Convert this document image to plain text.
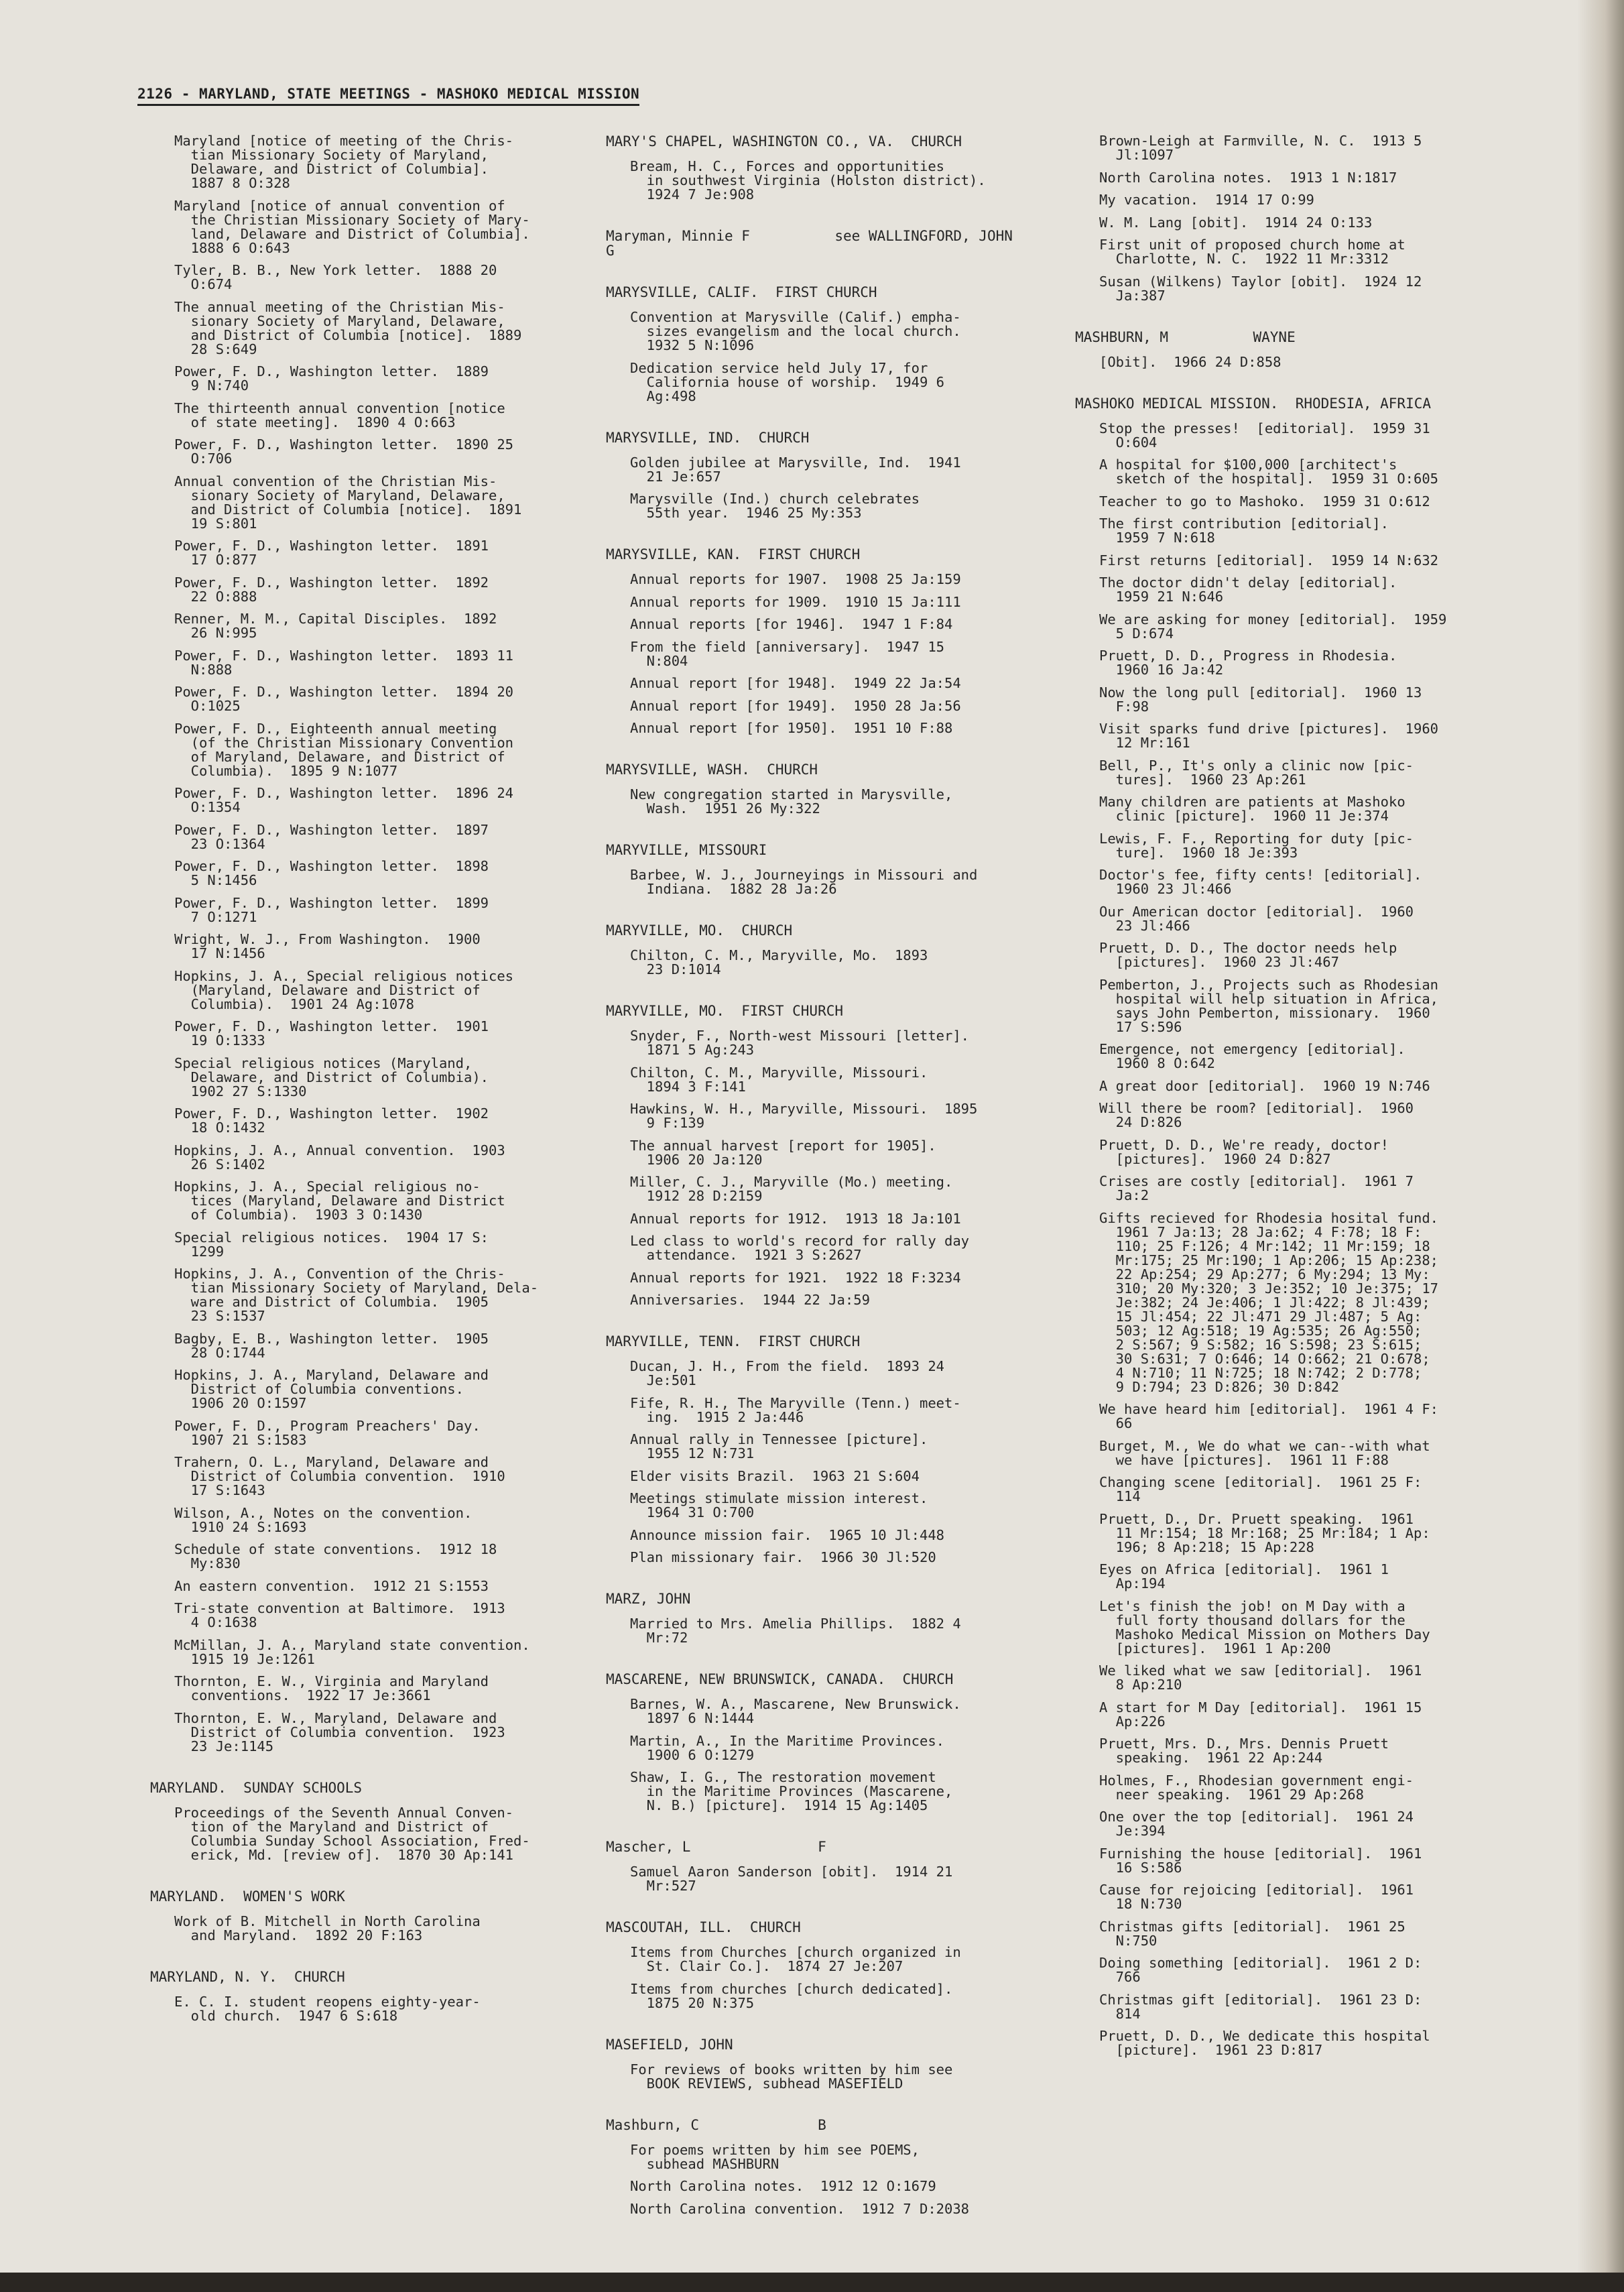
2126 - MARYLAND, STATE MEETINGS - MASHOKO MEDICAL MISSION
Maryland [notice of meeting of the Chris-
tian Missionary Society of Maryland,
Delaware, and District of Columbia].
1887 8 O:328
Maryland [notice of annual convention of
the Christian Missionary Society of Mary-
land, Delaware and District of Columbia].
1888 6 O:643
Tyler, B. B., New York letter.  1888 20
O:674
The annual meeting of the Christian Mis-
sionary Society of Maryland, Delaware,
and District of Columbia [notice].  1889
28 S:649
Power, F. D., Washington letter.  1889
9 N:740
The thirteenth annual convention [notice
of state meeting].  1890 4 O:663
Power, F. D., Washington letter.  1890 25
O:706
Annual convention of the Christian Mis-
sionary Society of Maryland, Delaware,
and District of Columbia [notice].  1891
19 S:801
Power, F. D., Washington letter.  1891
17 O:877
Power, F. D., Washington letter.  1892
22 O:888
Renner, M. M., Capital Disciples.  1892
26 N:995
Power, F. D., Washington letter.  1893 11
N:888
Power, F. D., Washington letter.  1894 20
O:1025
Power, F. D., Eighteenth annual meeting
(of the Christian Missionary Convention
of Maryland, Delaware, and District of
Columbia).  1895 9 N:1077
Power, F. D., Washington letter.  1896 24
O:1354
Power, F. D., Washington letter.  1897
23 O:1364
Power, F. D., Washington letter.  1898
5 N:1456
Power, F. D., Washington letter.  1899
7 O:1271
Wright, W. J., From Washington.  1900
17 N:1456
Hopkins, J. A., Special religious notices
(Maryland, Delaware and District of
Columbia).  1901 24 Ag:1078
Power, F. D., Washington letter.  1901
19 O:1333
Special religious notices (Maryland,
Delaware, and District of Columbia).
1902 27 S:1330
Power, F. D., Washington letter.  1902
18 O:1432
Hopkins, J. A., Annual convention.  1903
26 S:1402
Hopkins, J. A., Special religious no-
tices (Maryland, Delaware and District
of Columbia).  1903 3 O:1430
Special religious notices.  1904 17 S:
1299
Hopkins, J. A., Convention of the Chris-
tian Missionary Society of Maryland, Dela-
ware and District of Columbia.  1905
23 S:1537
Bagby, E. B., Washington letter.  1905
28 O:1744
Hopkins, J. A., Maryland, Delaware and
District of Columbia conventions.
1906 20 O:1597
Power, F. D., Program Preachers' Day.
1907 21 S:1583
Trahern, O. L., Maryland, Delaware and
District of Columbia convention.  1910
17 S:1643
Wilson, A., Notes on the convention.
1910 24 S:1693
Schedule of state conventions.  1912 18
My:830
An eastern convention.  1912 21 S:1553
Tri-state convention at Baltimore.  1913
4 O:1638
McMillan, J. A., Maryland state convention.
1915 19 Je:1261
Thornton, E. W., Virginia and Maryland
conventions.  1922 17 Je:3661
Thornton, E. W., Maryland, Delaware and
District of Columbia convention.  1923
23 Je:1145
MARYLAND.  SUNDAY SCHOOLS
Proceedings of the Seventh Annual Conven-
tion of the Maryland and District of
Columbia Sunday School Association, Fred-
erick, Md. [review of].  1870 30 Ap:141
MARYLAND.  WOMEN'S WORK
Work of B. Mitchell in North Carolina
and Maryland.  1892 20 F:163
MARYLAND, N. Y.  CHURCH
E. C. I. student reopens eighty-year-
old church.  1947 6 S:618
MARY'S CHAPEL, WASHINGTON CO., VA.  CHURCH
Bream, H. C., Forces and opportunities
in southwest Virginia (Holston district).
1924 7 Je:908
Maryman, Minnie F          see WALLINGFORD, JOHN
G
MARYSVILLE, CALIF.  FIRST CHURCH
Convention at Marysville (Calif.) empha-
sizes evangelism and the local church.
1932 5 N:1096
Dedication service held July 17, for
California house of worship.  1949 6
Ag:498
MARYSVILLE, IND.  CHURCH
Golden jubilee at Marysville, Ind.  1941
21 Je:657
Marysville (Ind.) church celebrates
55th year.  1946 25 My:353
MARYSVILLE, KAN.  FIRST CHURCH
Annual reports for 1907.  1908 25 Ja:159
Annual reports for 1909.  1910 15 Ja:111
Annual reports [for 1946].  1947 1 F:84
From the field [anniversary].  1947 15
N:804
Annual report [for 1948].  1949 22 Ja:54
Annual report [for 1949].  1950 28 Ja:56
Annual report [for 1950].  1951 10 F:88
MARYSVILLE, WASH.  CHURCH
New congregation started in Marysville,
Wash.  1951 26 My:322
MARYVILLE, MISSOURI
Barbee, W. J., Journeyings in Missouri and
Indiana.  1882 28 Ja:26
MARYVILLE, MO.  CHURCH
Chilton, C. M., Maryville, Mo.  1893
23 D:1014
MARYVILLE, MO.  FIRST CHURCH
Snyder, F., North-west Missouri [letter].
1871 5 Ag:243
Chilton, C. M., Maryville, Missouri.
1894 3 F:141
Hawkins, W. H., Maryville, Missouri.  1895
9 F:139
The annual harvest [report for 1905].
1906 20 Ja:120
Miller, C. J., Maryville (Mo.) meeting.
1912 28 D:2159
Annual reports for 1912.  1913 18 Ja:101
Led class to world's record for rally day
attendance.  1921 3 S:2627
Annual reports for 1921.  1922 18 F:3234
Anniversaries.  1944 22 Ja:59
MARYVILLE, TENN.  FIRST CHURCH
Ducan, J. H., From the field.  1893 24
Je:501
Fife, R. H., The Maryville (Tenn.) meet-
ing.  1915 2 Ja:446
Annual rally in Tennessee [picture].
1955 12 N:731
Elder visits Brazil.  1963 21 S:604
Meetings stimulate mission interest.
1964 31 O:700
Announce mission fair.  1965 10 Jl:448
Plan missionary fair.  1966 30 Jl:520
MARZ, JOHN
Married to Mrs. Amelia Phillips.  1882 4
Mr:72
MASCARENE, NEW BRUNSWICK, CANADA.  CHURCH
Barnes, W. A., Mascarene, New Brunswick.
1897 6 N:1444
Martin, A., In the Maritime Provinces.
1900 6 O:1279
Shaw, I. G., The restoration movement
in the Maritime Provinces (Mascarene,
N. B.) [picture].  1914 15 Ag:1405
Mascher, L               F
Samuel Aaron Sanderson [obit].  1914 21
Mr:527
MASCOUTAH, ILL.  CHURCH
Items from Churches [church organized in
St. Clair Co.].  1874 27 Je:207
Items from churches [church dedicated].
1875 20 N:375
MASEFIELD, JOHN
For reviews of books written by him see
BOOK REVIEWS, subhead MASEFIELD
Mashburn, C              B
For poems written by him see POEMS,
subhead MASHBURN
North Carolina notes.  1912 12 O:1679
North Carolina convention.  1912 7 D:2038
Brown-Leigh at Farmville, N. C.  1913 5
Jl:1097
North Carolina notes.  1913 1 N:1817
My vacation.  1914 17 O:99
W. M. Lang [obit].  1914 24 O:133
First unit of proposed church home at
Charlotte, N. C.  1922 11 Mr:3312
Susan (Wilkens) Taylor [obit].  1924 12
Ja:387
MASHBURN, M          WAYNE
[Obit].  1966 24 D:858
MASHOKO MEDICAL MISSION.  RHODESIA, AFRICA
Stop the presses!  [editorial].  1959 31
O:604
A hospital for $100,000 [architect's
sketch of the hospital].  1959 31 O:605
Teacher to go to Mashoko.  1959 31 O:612
The first contribution [editorial].
1959 7 N:618
First returns [editorial].  1959 14 N:632
The doctor didn't delay [editorial].
1959 21 N:646
We are asking for money [editorial].  1959
5 D:674
Pruett, D. D., Progress in Rhodesia.
1960 16 Ja:42
Now the long pull [editorial].  1960 13
F:98
Visit sparks fund drive [pictures].  1960
12 Mr:161
Bell, P., It's only a clinic now [pic-
tures].  1960 23 Ap:261
Many children are patients at Mashoko
clinic [picture].  1960 11 Je:374
Lewis, F. F., Reporting for duty [pic-
ture].  1960 18 Je:393
Doctor's fee, fifty cents! [editorial].
1960 23 Jl:466
Our American doctor [editorial].  1960
23 Jl:466
Pruett, D. D., The doctor needs help
[pictures].  1960 23 Jl:467
Pemberton, J., Projects such as Rhodesian
hospital will help situation in Africa,
says John Pemberton, missionary.  1960
17 S:596
Emergence, not emergency [editorial].
1960 8 O:642
A great door [editorial].  1960 19 N:746
Will there be room? [editorial].  1960
24 D:826
Pruett, D. D., We're ready, doctor!
[pictures].  1960 24 D:827
Crises are costly [editorial].  1961 7
Ja:2
Gifts recieved for Rhodesia hosital fund.
1961 7 Ja:13; 28 Ja:62; 4 F:78; 18 F:
110; 25 F:126; 4 Mr:142; 11 Mr:159; 18
Mr:175; 25 Mr:190; 1 Ap:206; 15 Ap:238;
22 Ap:254; 29 Ap:277; 6 My:294; 13 My:
310; 20 My:320; 3 Je:352; 10 Je:375; 17
Je:382; 24 Je:406; 1 Jl:422; 8 Jl:439;
15 Jl:454; 22 Jl:471 29 Jl:487; 5 Ag:
503; 12 Ag:518; 19 Ag:535; 26 Ag:550;
2 S:567; 9 S:582; 16 S:598; 23 S:615;
30 S:631; 7 O:646; 14 O:662; 21 O:678;
4 N:710; 11 N:725; 18 N:742; 2 D:778;
9 D:794; 23 D:826; 30 D:842
We have heard him [editorial].  1961 4 F:
66
Burget, M., We do what we can--with what
we have [pictures].  1961 11 F:88
Changing scene [editorial].  1961 25 F:
114
Pruett, D., Dr. Pruett speaking.  1961
11 Mr:154; 18 Mr:168; 25 Mr:184; 1 Ap:
196; 8 Ap:218; 15 Ap:228
Eyes on Africa [editorial].  1961 1
Ap:194
Let's finish the job! on M Day with a
full forty thousand dollars for the
Mashoko Medical Mission on Mothers Day
[pictures].  1961 1 Ap:200
We liked what we saw [editorial].  1961
8 Ap:210
A start for M Day [editorial].  1961 15
Ap:226
Pruett, Mrs. D., Mrs. Dennis Pruett
speaking.  1961 22 Ap:244
Holmes, F., Rhodesian government engi-
neer speaking.  1961 29 Ap:268
One over the top [editorial].  1961 24
Je:394
Furnishing the house [editorial].  1961
16 S:586
Cause for rejoicing [editorial].  1961
18 N:730
Christmas gifts [editorial].  1961 25
N:750
Doing something [editorial].  1961 2 D:
766
Christmas gift [editorial].  1961 23 D:
814
Pruett, D. D., We dedicate this hospital
[picture].  1961 23 D:817
